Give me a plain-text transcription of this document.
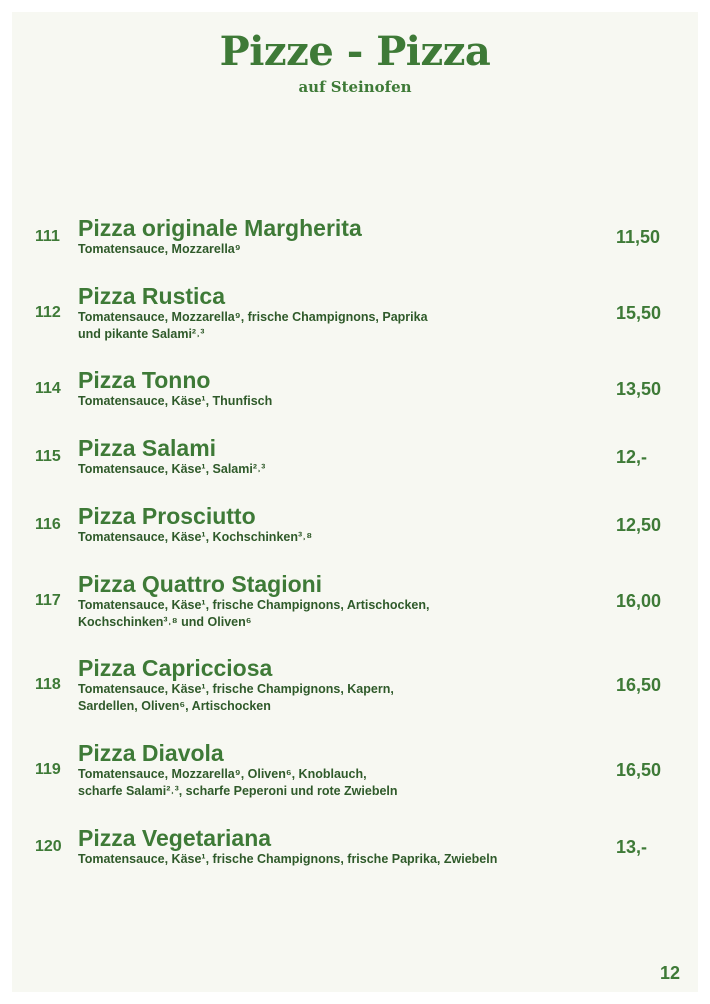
Pizze - Pizza
auf Steinofen
111 Pizza originale Margherita
Tomatensauce, Mozzarella⁹
11,50
112
Pizza Rustica
Tomatensauce, Mozzarella⁹, frische Champignons, Paprika
und pikante Salami²˒³
15,50
114 Pizza Tonno
Tomatensauce, Käse¹, Thunfisch
13,50
115 Pizza Salami
Tomatensauce, Käse¹, Salami²˒³
12,-
116 Pizza Prosciutto
Tomatensauce, Käse¹, Kochschinken³˒⁸
12,50
117
Pizza Quattro Stagioni
Tomatensauce, Käse¹, frische Champignons, Artischocken,
Kochschinken³˒⁸ und Oliven⁶
16,00
118
Pizza Capricciosa
Tomatensauce, Käse¹, frische Champignons, Kapern,
Sardellen, Oliven⁶, Artischocken
16,50
119
Pizza Diavola
Tomatensauce, Mozzarella⁹, Oliven⁶, Knoblauch,
scharfe Salami²˒³, scharfe Peperoni und rote Zwiebeln
16,50
120 Pizza Vegetariana
Tomatensauce, Käse¹, frische Champignons, frische Paprika, Zwiebeln
13,-
12
